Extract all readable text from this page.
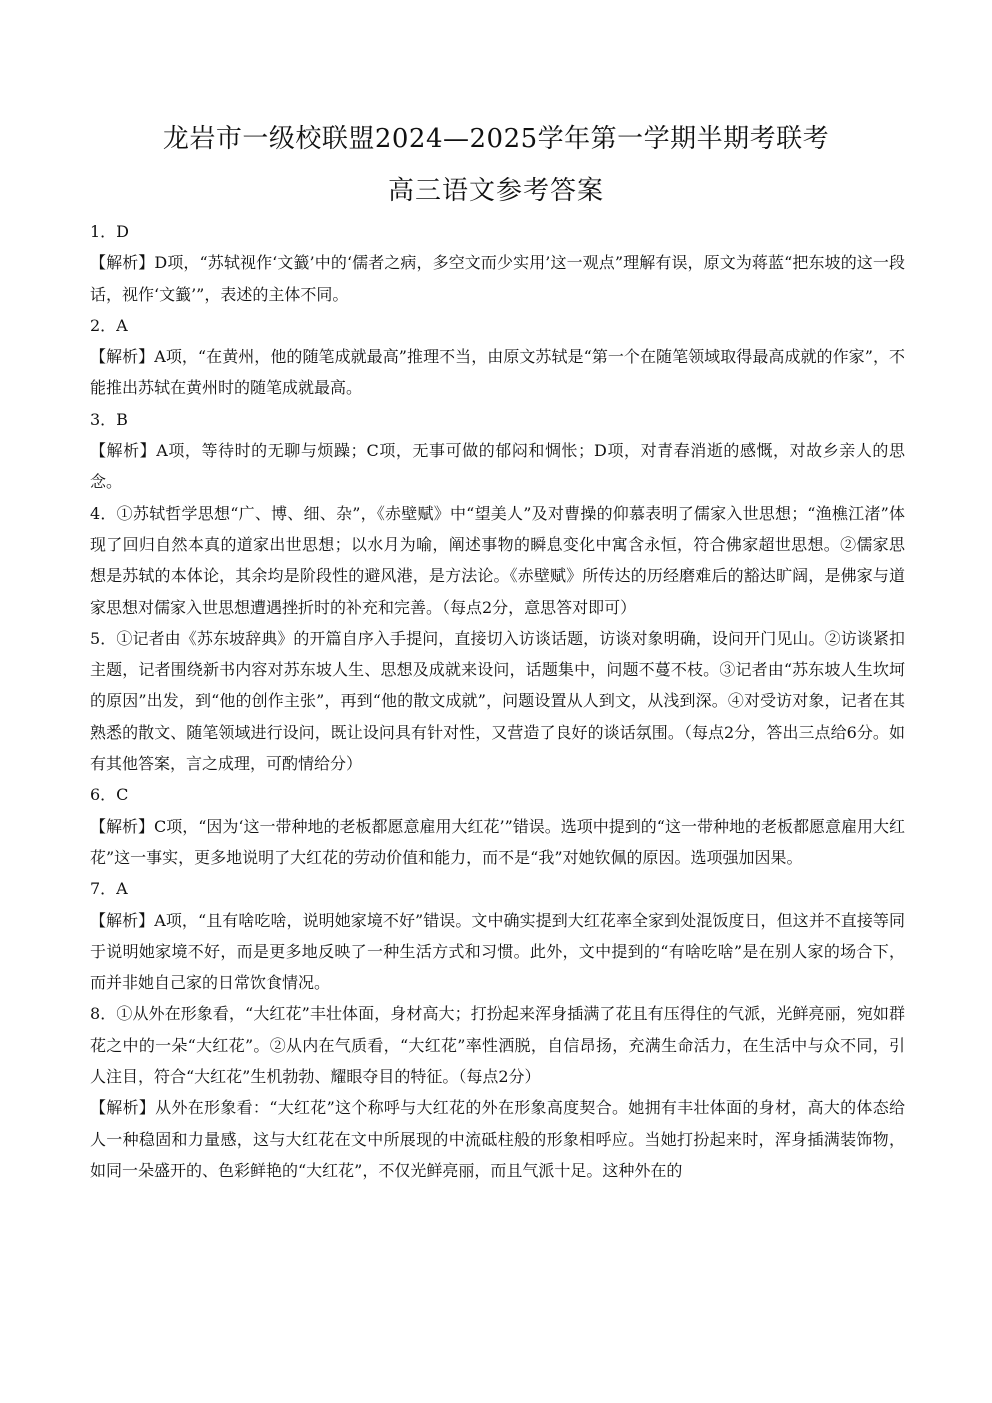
龙岩市一级校联盟2024—2025学年第一学期半期考联考
高三语文参考答案

1．D

【解析】D项，“苏轼视作‘文籖’中的‘儒者之病，多空文而少实用’这一观点”理解有误，原文为蒋蓝“把东坡的这一段话，视作‘文籖’”，表述的主体不同。

2．A

【解析】A项，“在黄州，他的随笔成就最高”推理不当，由原文苏轼是“第一个在随笔领域取得最高成就的作家”，不能推出苏轼在黄州时的随笔成就最高。

3．B

【解析】A项，等待时的无聊与烦躁；C项，无事可做的郁闷和惆怅；D项，对青春消逝的感慨，对故乡亲人的思念。

4．①苏轼哲学思想“广、博、细、杂”，《赤壁赋》中“望美人”及对曹操的仰慕表明了儒家入世思想；“渔樵江渚”体现了回归自然本真的道家出世思想；以水月为喻，阐述事物的瞬息变化中寓含永恒，符合佛家超世思想。②儒家思想是苏轼的本体论，其余均是阶段性的避风港，是方法论。《赤壁赋》所传达的历经磨难后的豁达旷阔，是佛家与道家思想对儒家入世思想遭遇挫折时的补充和完善。（每点2分，意思答对即可）

5．①记者由《苏东坡辞典》的开篇自序入手提问，直接切入访谈话题，访谈对象明确，设问开门见山。②访谈紧扣主题，记者围绕新书内容对苏东坡人生、思想及成就来设问，话题集中，问题不蔓不枝。③记者由“苏东坡人生坎坷的原因”出发，到“他的创作主张”，再到“他的散文成就”，问题设置从人到文，从浅到深。④对受访对象，记者在其熟悉的散文、随笔领域进行设问，既让设问具有针对性，又营造了良好的谈话氛围。（每点2分，答出三点给6分。如有其他答案，言之成理，可酌情给分）

6．C

【解析】C项，“因为‘这一带种地的老板都愿意雇用大红花’”错误。选项中提到的“这一带种地的老板都愿意雇用大红花”这一事实，更多地说明了大红花的劳动价值和能力，而不是“我”对她钦佩的原因。选项强加因果。

7．A

【解析】A项，“且有啥吃啥，说明她家境不好”错误。文中确实提到大红花率全家到处混饭度日，但这并不直接等同于说明她家境不好，而是更多地反映了一种生活方式和习惯。此外，文中提到的“有啥吃啥”是在别人家的场合下，而并非她自己家的日常饮食情况。

8．①从外在形象看，“大红花”丰壮体面，身材高大；打扮起来浑身插满了花且有压得住的气派，光鲜亮丽，宛如群花之中的一朵“大红花”。②从内在气质看，“大红花”率性洒脱，自信昂扬，充满生命活力，在生活中与众不同，引人注目，符合“大红花”生机勃勃、耀眼夺目的特征。（每点2分）

【解析】从外在形象看：“大红花”这个称呼与大红花的外在形象高度契合。她拥有丰壮体面的身材，高大的体态给人一种稳固和力量感，这与大红花在文中所展现的中流砥柱般的形象相呼应。当她打扮起来时，浑身插满装饰物，如同一朵盛开的、色彩鲜艳的“大红花”，不仅光鲜亮丽，而且气派十足。这种外在的
